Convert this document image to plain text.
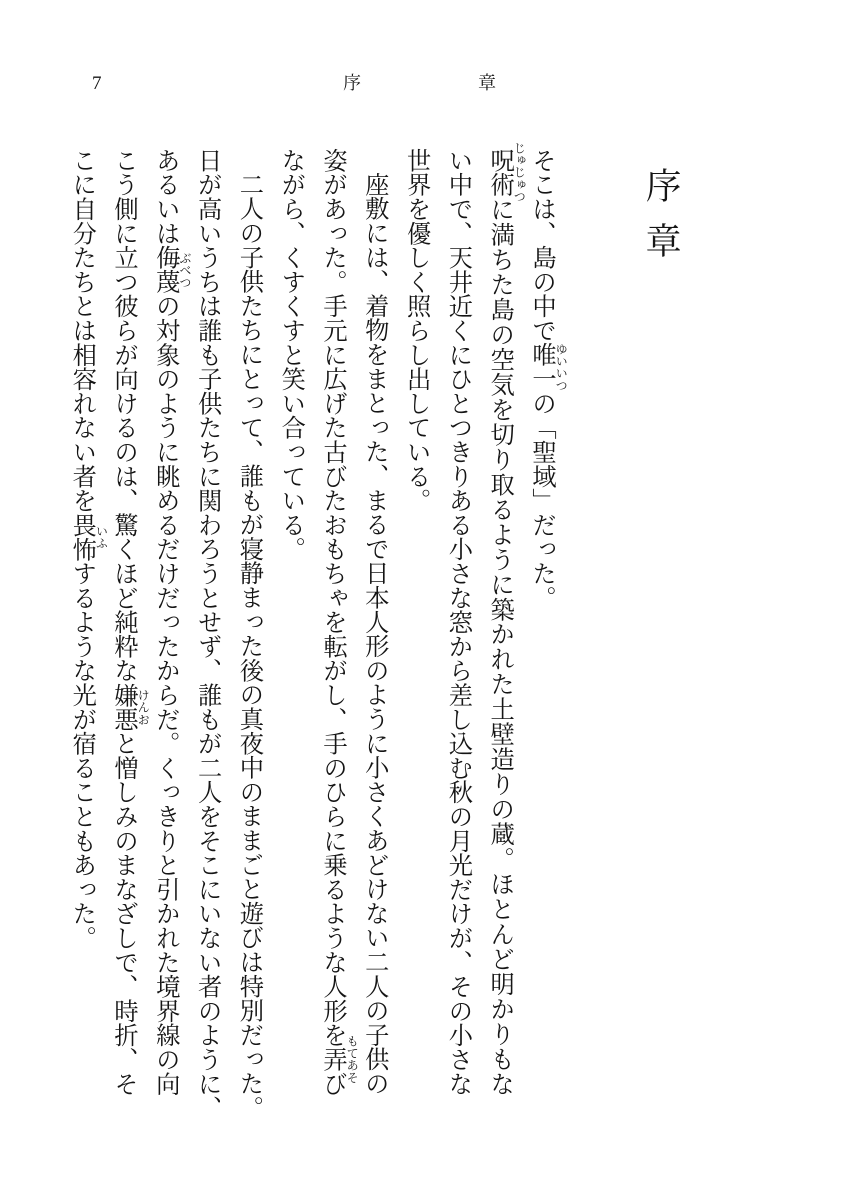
7	序章
序章
そこは、島の中で唯一
ゆいいつ
の「聖域」だった。
呪術
じゅじゅつ
に満ちた島の空気を切り取るように築かれた土壁造りの蔵。ほとんど明かりもな
い中で、天井近くにひとつきりある小さな窓から差し込む秋の月光だけが、その小さな
世界を優しく照らし出している。
座敷には、着物をまとった、まるで日本人形のように小さくあどけない二人の子供の
姿があった。手元に広げた古びたおもちゃを転がし、手のひらに乗るような人形を弄
もてあそ
び
ながら、くすくすと笑い合っている。
二人の子供たちにとって、誰もが寝静まった後の真夜中のままごと遊びは特別だった。
日が高いうちは誰も子供たちに関わろうとせず、誰もが二人をそこにいない者のように、
あるいは侮蔑
ぶべつ
の対象のように眺めるだけだったからだ。くっきりと引かれた境界線の向
こう側に立つ彼らが向けるのは、驚くほど純粋な嫌悪
けんお
と憎しみのまなざしで、時折、そ
こに自分たちとは相容れない者を畏怖
いふ
するような光が宿ることもあった。
